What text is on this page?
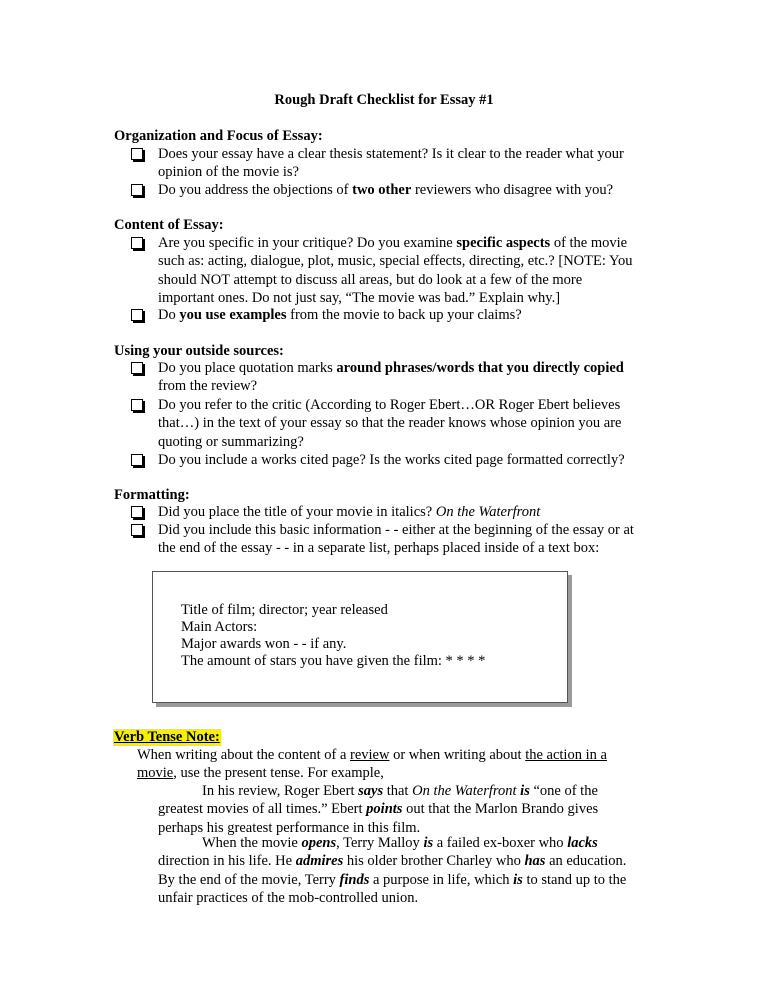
Rough Draft Checklist for Essay #1
Organization and Focus of Essay:
Does your essay have a clear thesis statement? Is it clear to the reader what your
opinion of the movie is?
Do you address the objections of two other reviewers who disagree with you?
Content of Essay:
Are you specific in your critique? Do you examine specific aspects of the movie
such as: acting, dialogue, plot, music, special effects, directing, etc.? [NOTE: You
should NOT attempt to discuss all areas, but do look at a few of the more
important ones. Do not just say, “The movie was bad.” Explain why.]
Do you use examples from the movie to back up your claims?
Using your outside sources:
Do you place quotation marks around phrases/words that you directly copied
from the review?
Do you refer to the critic (According to Roger Ebert…OR Roger Ebert believes
that…) in the text of your essay so that the reader knows whose opinion you are
quoting or summarizing?
Do you include a works cited page? Is the works cited page formatted correctly?
Formatting:
Did you place the title of your movie in italics? On the Waterfront
Did you include this basic information - - either at the beginning of the essay or at
the end of the essay - - in a separate list, perhaps placed inside of a text box:
Title of film; director; year released
Main Actors:
Major awards won - - if any.
The amount of stars you have given the film: * * * *
Verb Tense Note:
When writing about the content of a review or when writing about the action in a
movie, use the present tense. For example,
In his review, Roger Ebert says that On the Waterfront is “one of the
greatest movies of all times.” Ebert points out that the Marlon Brando gives
perhaps his greatest performance in this film.
When the movie opens, Terry Malloy is a failed ex-boxer who lacks
direction in his life. He admires his older brother Charley who has an education.
By the end of the movie, Terry finds a purpose in life, which is to stand up to the
unfair practices of the mob-controlled union.
